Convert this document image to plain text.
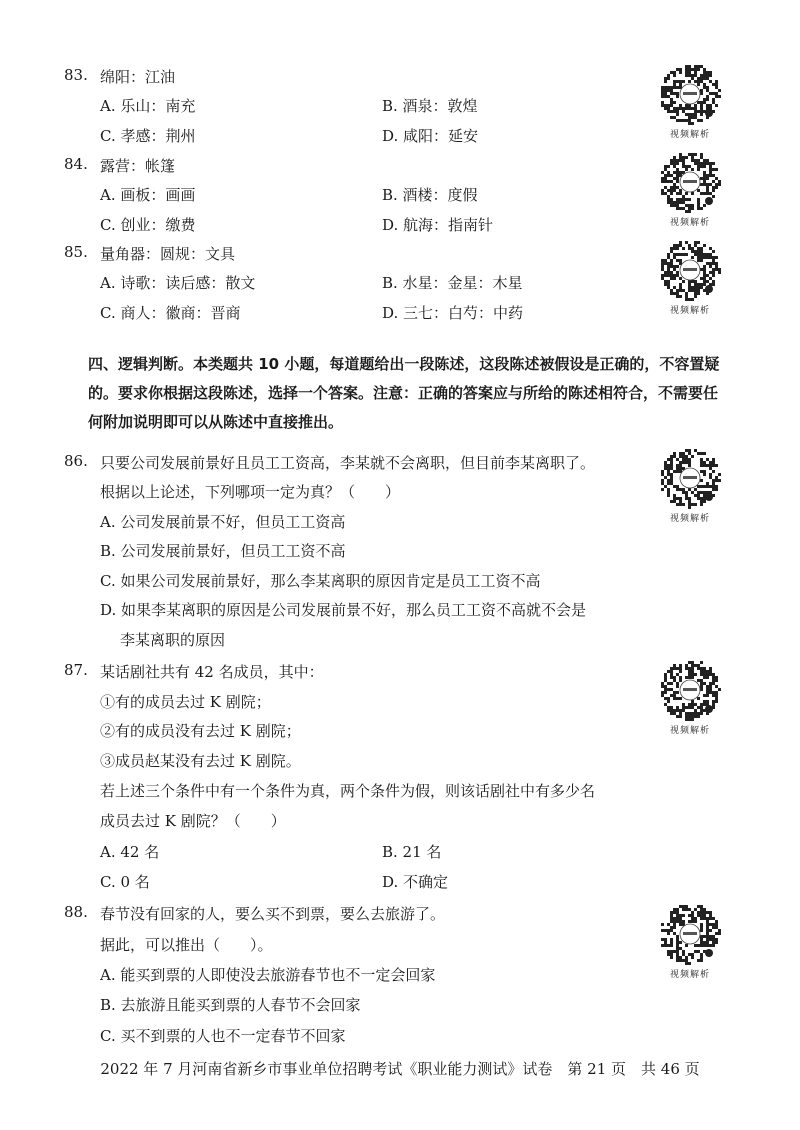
83. 绵阳：江油
A. 乐山：南充	B. 酒泉：敦煌
C. 孝感：荆州	D. 咸阳：延安
84. 露营：帐篷
A. 画板：画画	B. 酒楼：度假
C. 创业：缴费	D. 航海：指南针
85. 量角器：圆规：文具
A. 诗歌：读后感：散文	B. 水星：金星：木星
C. 商人：徽商：晋商	D. 三七：白芍：中药
四、逻辑判断。本类题共 10 小题，每道题给出一段陈述，这段陈述被假设是正确的，不容置疑的。要求你根据这段陈述，选择一个答案。注意：正确的答案应与所给的陈述相符合，不需要任何附加说明即可以从陈述中直接推出。
86. 只要公司发展前景好且员工工资高，李某就不会离职，但目前李某离职了。
根据以上论述，下列哪项一定为真？（　　）
A. 公司发展前景不好，但员工工资高
B. 公司发展前景好，但员工工资不高
C. 如果公司发展前景好，那么李某离职的原因肯定是员工工资不高
D. 如果李某离职的原因是公司发展前景不好，那么员工工资不高就不会是
李某离职的原因
87. 某话剧社共有 42 名成员，其中：
①有的成员去过 K 剧院；
②有的成员没有去过 K 剧院；
③成员赵某没有去过 K 剧院。
若上述三个条件中有一个条件为真，两个条件为假，则该话剧社中有多少名
成员去过 K 剧院？（　　）
A. 42 名	B. 21 名
C. 0 名	D. 不确定
88. 春节没有回家的人，要么买不到票，要么去旅游了。
据此，可以推出（　　）。
A. 能买到票的人即使没去旅游春节也不一定会回家
B. 去旅游且能买到票的人春节不会回家
C. 买不到票的人也不一定春节不回家
视频解析
视频解析
视频解析
视频解析
视频解析
视频解析
2022 年 7 月河南省新乡市事业单位招聘考试《职业能力测试》试卷　第 21 页　共 46 页
